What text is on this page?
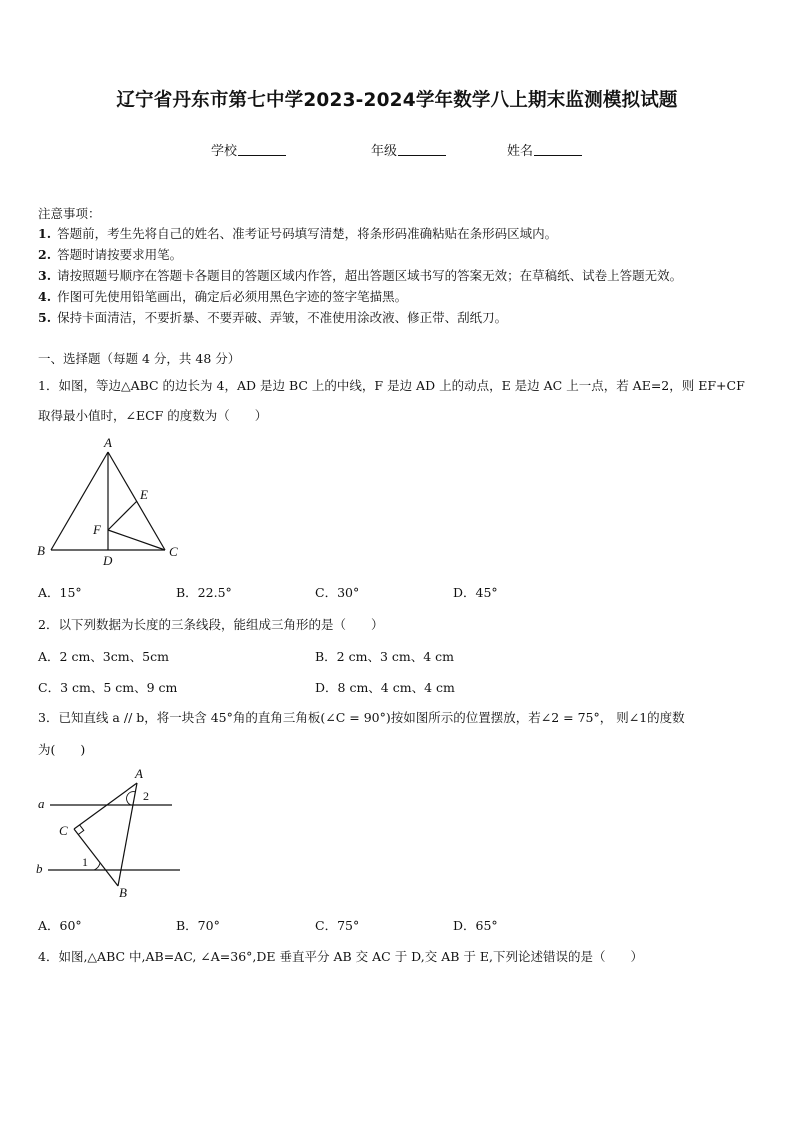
辽宁省丹东市第七中学2023-2024学年数学八上期末监测模拟试题
学校	年级	姓名
注意事项：
1. 答题前，考生先将自己的姓名、准考证号码填写清楚，将条形码准确粘贴在条形码区域内。
2. 答题时请按要求用笔。
3. 请按照题号顺序在答题卡各题目的答题区域内作答，超出答题区域书写的答案无效；在草稿纸、试卷上答题无效。
4. 作图可先使用铅笔画出，确定后必须用黑色字迹的签字笔描黑。
5. 保持卡面清洁，不要折暴、不要弄破、弄皱，不准使用涂改液、修正带、刮纸刀。
一、选择题（每题 4 分，共 48 分）
1．如图，等边△ABC 的边长为 4，AD 是边 BC 上的中线，F 是边 AD 上的动点，E 是边 AC 上一点，若 AE=2，则 EF+CF
取得最小值时，∠ECF 的度数为（　　）
A
B	C
D
E
F
A．15°	B．22.5°	C．30°	D．45°
2．以下列数据为长度的三条线段，能组成三角形的是（　　）
A．2 cm、3cm、5cm	B．2 cm、3 cm、4 cm
C．3 cm、5 cm、9 cm	D．8 cm、4 cm、4 cm
3．已知直线 a // b，将一块含 45°角的直角三角板(∠C = 90°)按如图所示的位置摆放，若∠2 = 75°， 则∠1的度数
为(　　)
A
B
C
a
b	1
2
A．60°	B．70°	C．75°	D．65°
4．如图,△ABC 中,AB=AC, ∠A=36°,DE 垂直平分 AB 交 AC 于 D,交 AB 于 E,下列论述错误的是（　　）
